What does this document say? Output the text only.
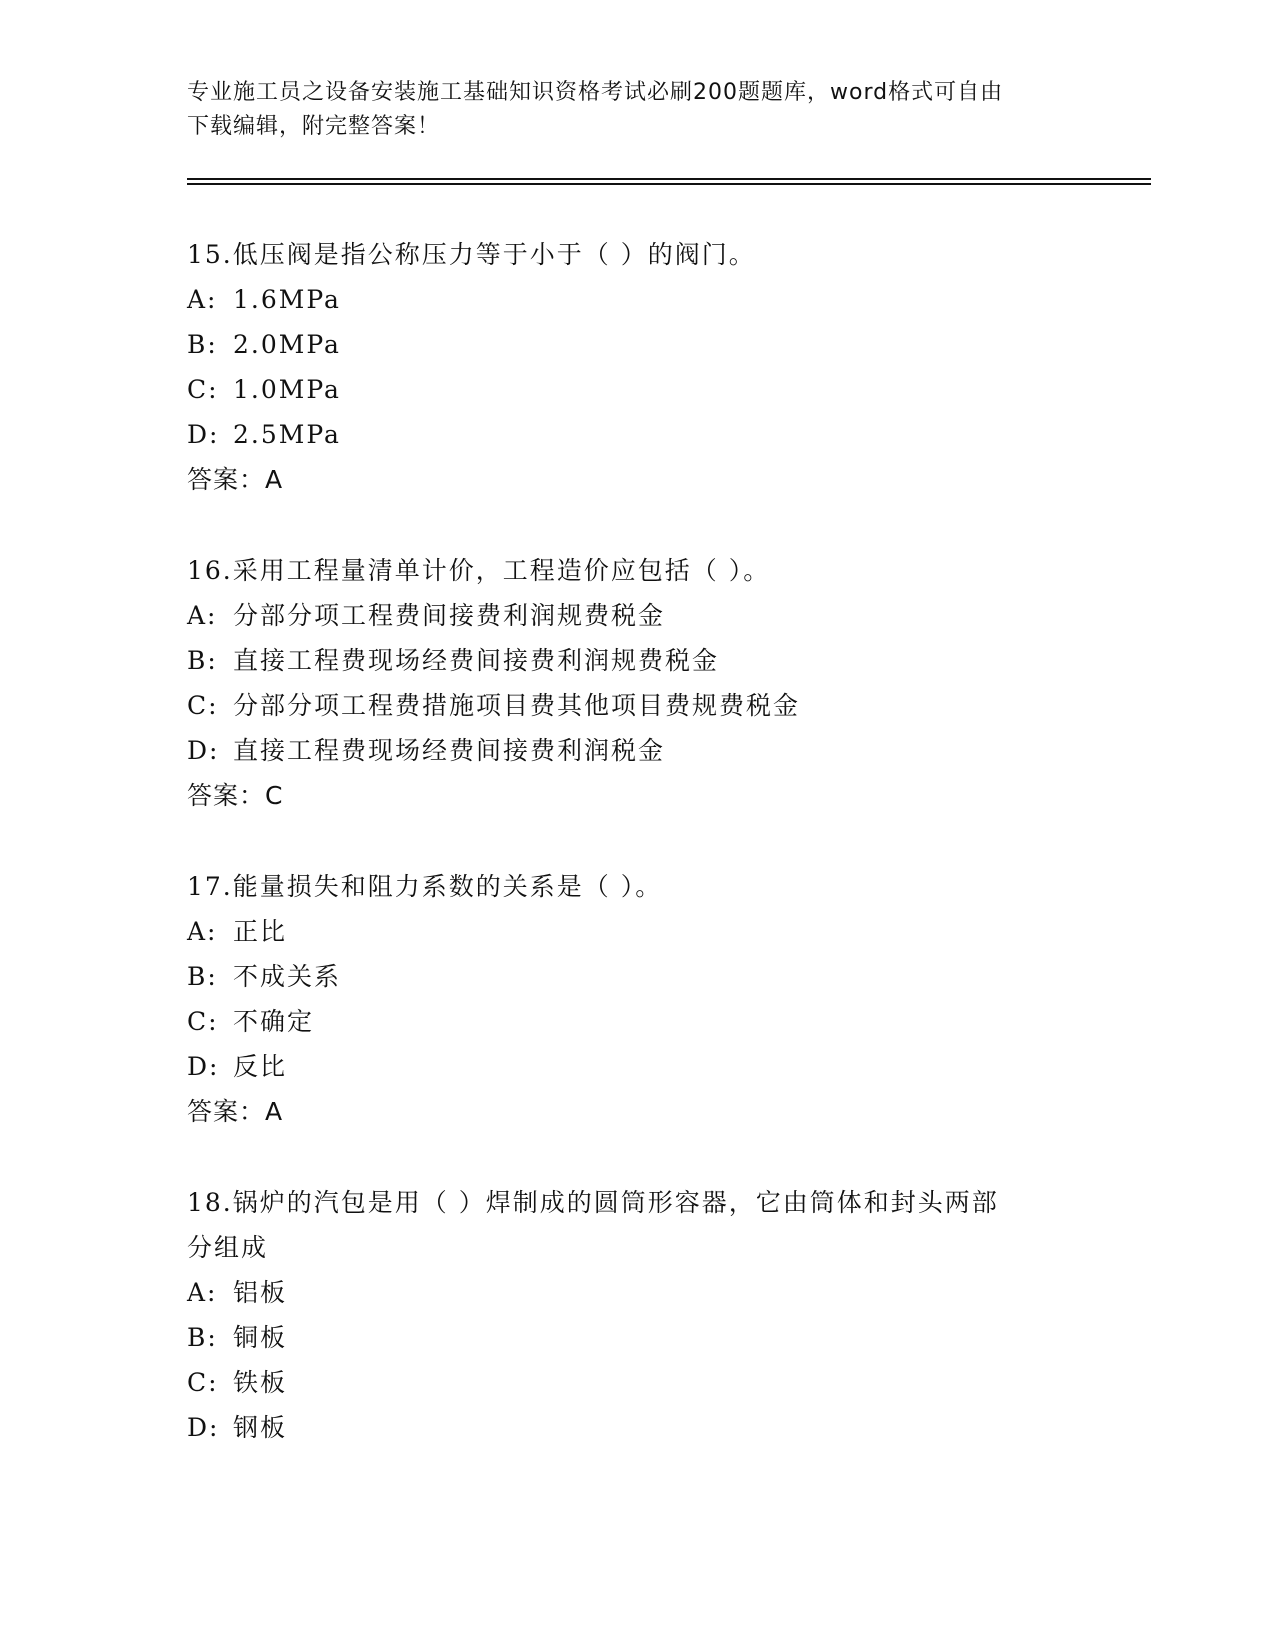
专业施工员之设备安装施工基础知识资格考试必刷200题题库，word格式可自由
下载编辑，附完整答案！

15.低压阀是指公称压力等于小于（ ）的阀门。

A: 1.6MPa

B: 2.0MPa

C: 1.0MPa

D: 2.5MPa

答案：A

16.采用工程量清单计价，工程造价应包括（ ）。

A: 分部分项工程费间接费利润规费税金

B: 直接工程费现场经费间接费利润规费税金

C: 分部分项工程费措施项目费其他项目费规费税金

D: 直接工程费现场经费间接费利润税金

答案：C

17.能量损失和阻力系数的关系是（ ）。

A: 正比

B: 不成关系

C: 不确定

D: 反比

答案：A

18.锅炉的汽包是用（ ）焊制成的圆筒形容器，它由筒体和封头两部

分组成

A: 铝板

B: 铜板

C: 铁板

D: 钢板
